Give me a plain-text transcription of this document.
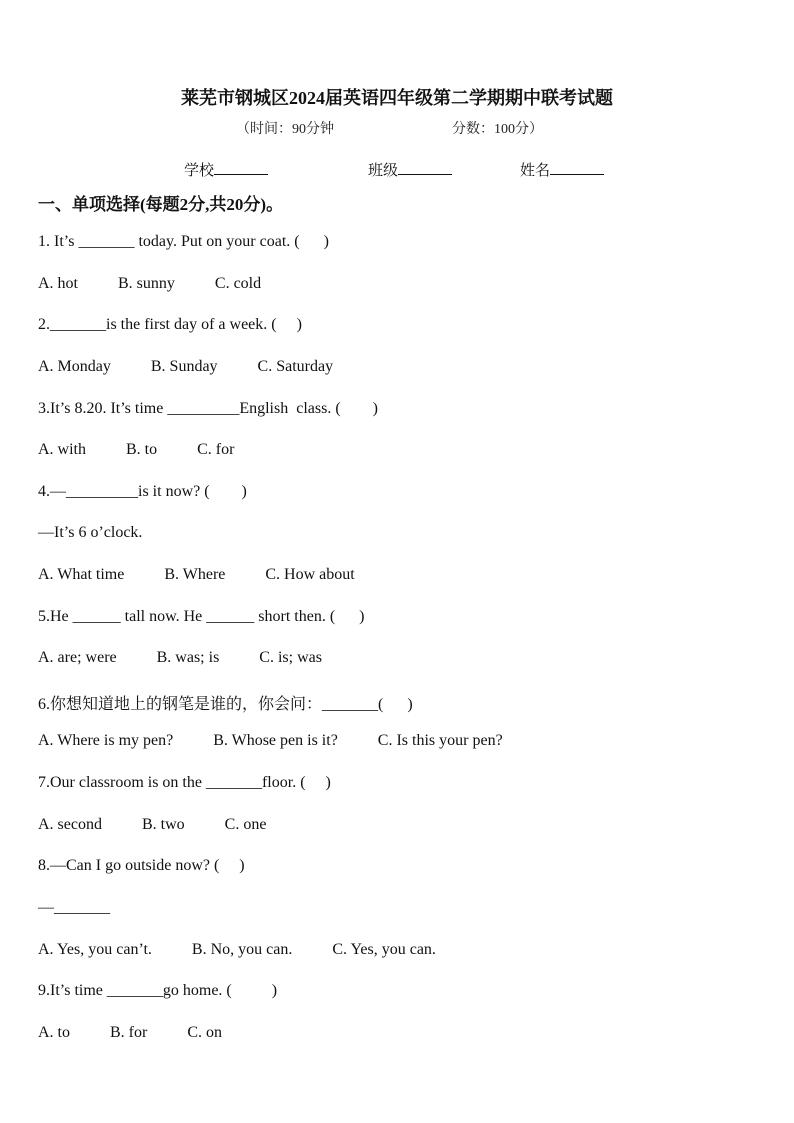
莱芜市钢城区2024届英语四年级第二学期期中联考试题
（时间：90分钟	分数：100分）
学校	班级	姓名
一、单项选择(每题2分,共20分)。
1. It’s _______ today. Put on your coat. (      )
A. hot          B. sunny          C. cold
2._______is the first day of a week. (     )
A. Monday          B. Sunday          C. Saturday
3.It’s 8.20. It’s time _________English  class. (        )
A. with          B. to          C. for
4.—_________is it now? (        )
—It’s 6 o’clock.
A. What time          B. Where          C. How about
5.He ______ tall now. He ______ short then. (      )
A. are; were          B. was; is          C. is; was
6.你想知道地上的钢笔是谁的，你会问：_______(      )
A. Where is my pen?          B. Whose pen is it?          C. Is this your pen?
7.Our classroom is on the _______floor. (     )
A. second          B. two          C. one
8.—Can I go outside now? (     )
—_______
A. Yes, you can’t.          B. No, you can.          C. Yes, you can.
9.It’s time _______go home. (          )
A. to          B. for          C. on
